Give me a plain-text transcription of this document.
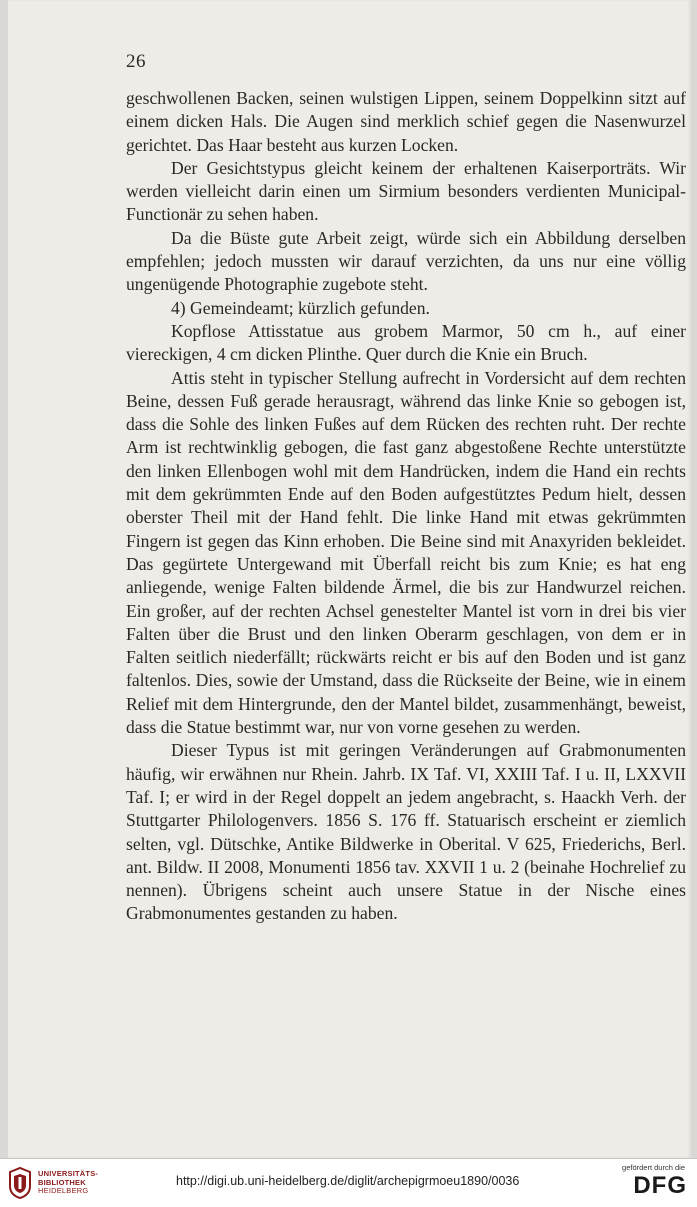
26

geschwollenen Backen, seinen wulstigen Lippen, seinem Doppelkinn sitzt auf einem dicken Hals. Die Augen sind merklich schief gegen die Nasenwurzel gerichtet. Das Haar besteht aus kurzen Locken.

Der Gesichtstypus gleicht keinem der erhaltenen Kaiserporträts. Wir werden vielleicht darin einen um Sirmium besonders verdienten Municipal-Functionär zu sehen haben.

Da die Büste gute Arbeit zeigt, würde sich ein Abbildung derselben empfehlen; jedoch mussten wir darauf verzichten, da uns nur eine völlig ungenügende Photographie zugebote steht.

4) Gemeindeamt; kürzlich gefunden.

Kopflose Attisstatue aus grobem Marmor, 50 cm h., auf einer viereckigen, 4 cm dicken Plinthe. Quer durch die Knie ein Bruch.

Attis steht in typischer Stellung aufrecht in Vordersicht auf dem rechten Beine, dessen Fuß gerade herausragt, während das linke Knie so gebogen ist, dass die Sohle des linken Fußes auf dem Rücken des rechten ruht. Der rechte Arm ist rechtwinklig gebogen, die fast ganz abgestoßene Rechte unterstützte den linken Ellenbogen wohl mit dem Handrücken, indem die Hand ein rechts mit dem gekrümmten Ende auf den Boden aufgestütztes Pedum hielt, dessen oberster Theil mit der Hand fehlt. Die linke Hand mit etwas gekrümmten Fingern ist gegen das Kinn erhoben. Die Beine sind mit Anaxyriden bekleidet. Das gegürtete Untergewand mit Überfall reicht bis zum Knie; es hat eng anliegende, wenige Falten bildende Ärmel, die bis zur Handwurzel reichen. Ein großer, auf der rechten Achsel genestelter Mantel ist vorn in drei bis vier Falten über die Brust und den linken Oberarm geschlagen, von dem er in Falten seitlich niederfällt; rückwärts reicht er bis auf den Boden und ist ganz faltenlos. Dies, sowie der Umstand, dass die Rückseite der Beine, wie in einem Relief mit dem Hintergrunde, den der Mantel bildet, zusammenhängt, beweist, dass die Statue bestimmt war, nur von vorne gesehen zu werden.

Dieser Typus ist mit geringen Veränderungen auf Grabmonumenten häufig, wir erwähnen nur Rhein. Jahrb. IX Taf. VI, XXIII Taf. I u. II, LXXVII Taf. I; er wird in der Regel doppelt an jedem angebracht, s. Haackh Verh. der Stuttgarter Philologenvers. 1856 S. 176 ff. Statuarisch erscheint er ziemlich selten, vgl. Dütschke, Antike Bildwerke in Oberital. V 625, Friederichs, Berl. ant. Bildw. II 2008, Monumenti 1856 tav. XXVII 1 u. 2 (beinahe Hochrelief zu nennen). Übrigens scheint auch unsere Statue in der Nische eines Grabmonumentes gestanden zu haben.

UNIVERSITÄTS-
BIBLIOTHEK
HEIDELBERG
http://digi.ub.uni-heidelberg.de/diglit/archepigrmoeu1890/0036
gefördert durch die
DFG
